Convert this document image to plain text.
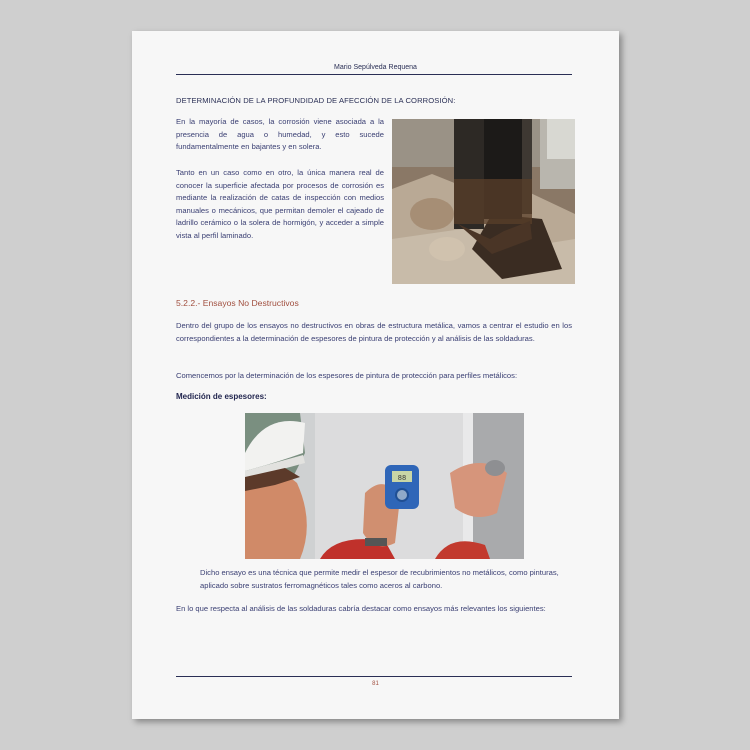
Mario Sepúlveda Requena

DETERMINACIÓN DE LA PROFUNDIDAD DE AFECCIÓN DE LA CORROSIÓN:

En la mayoría de casos, la corrosión viene asociada a la presencia de agua o humedad, y esto sucede fundamentalmente en bajantes y en solera.

Tanto en un caso como en otro, la única manera real de conocer la superficie afectada por procesos de corrosión es mediante la realización de catas de inspección con medios manuales o mecánicos, que permitan demoler el cajeado de ladrillo cerámico o la solera de hormigón, y acceder a simple vista al perfil laminado.

5.2.2.- Ensayos No Destructivos

Dentro del grupo de los ensayos no destructivos en obras de estructura metálica, vamos a centrar el estudio en los correspondientes a la determinación de espesores de pintura de protección y al análisis de las soldaduras.

Comencemos por la determinación de los espesores de pintura de protección para perfiles metálicos:

Medición de espesores:

88

Dicho ensayo es una técnica que permite medir el espesor de recubrimientos no metálicos, como pinturas, aplicado sobre sustratos ferromagnéticos tales como aceros al carbono.

En lo que respecta al análisis de las soldaduras cabría destacar como ensayos más relevantes los siguientes:

81
